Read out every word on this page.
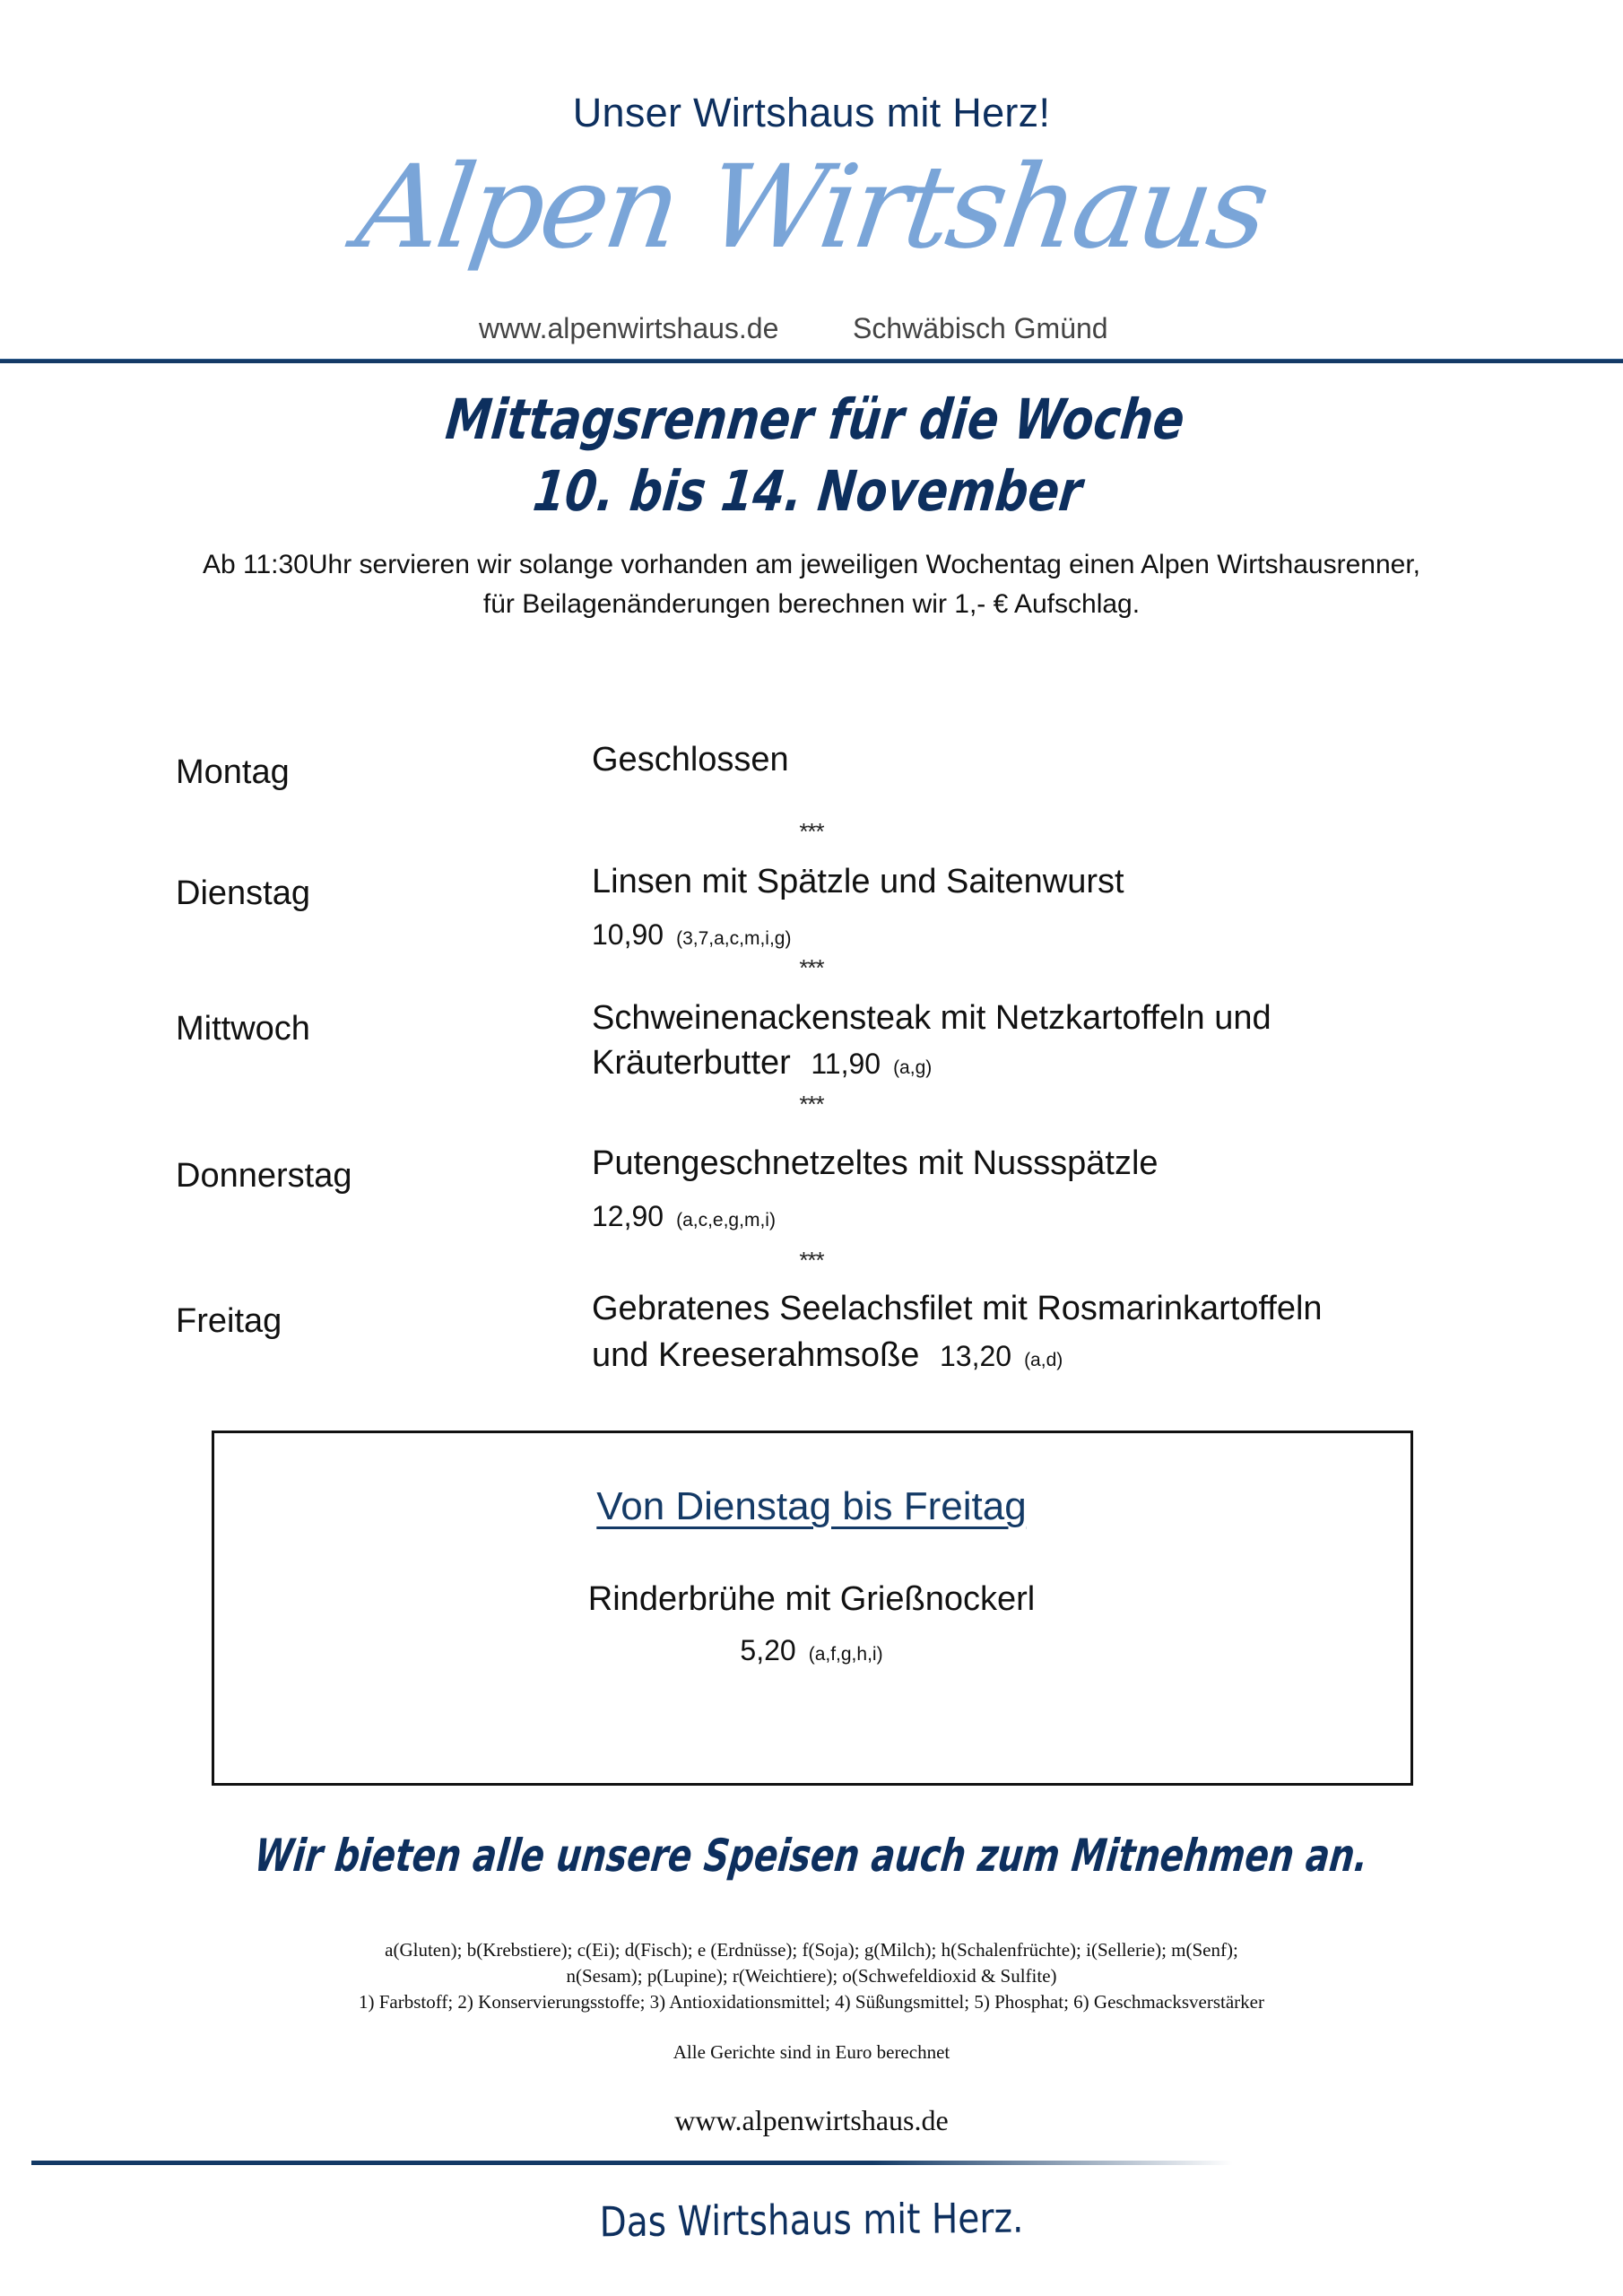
Unser Wirtshaus mit Herz!
Alpen Wirtshaus
www.alpenwirtshaus.de	Schwäbisch Gmünd
Mittagsrenner für die Woche
10. bis 14. November
Ab 11:30Uhr servieren wir solange vorhanden am jeweiligen Wochentag einen Alpen Wirtshausrenner,
für Beilagenänderungen berechnen wir 1,- € Aufschlag.
Montag	Geschlossen
***
Dienstag	Linsen mit Spätzle und Saitenwurst
10,90 (3,7,a,c,m,i,g)
***
Mittwoch	Schweinenackensteak mit Netzkartoffeln und
Kräuterbutter 11,90 (a,g)
***
Donnerstag	Putengeschnetzeltes mit Nussspätzle
12,90 (a,c,e,g,m,i)
***
Freitag	Gebratenes Seelachsfilet mit Rosmarinkartoffeln
und Kreeserahmsoße 13,20 (a,d)
Von Dienstag bis Freitag
Rinderbrühe mit Grießnockerl
5,20 (a,f,g,h,i)
Wir bieten alle unsere Speisen auch zum Mitnehmen an.
a(Gluten); b(Krebstiere); c(Ei); d(Fisch); e (Erdnüsse); f(Soja); g(Milch); h(Schalenfrüchte); i(Sellerie); m(Senf);
n(Sesam); p(Lupine); r(Weichtiere); o(Schwefeldioxid & Sulfite)
1) Farbstoff; 2) Konservierungsstoffe; 3) Antioxidationsmittel; 4) Süßungsmittel; 5) Phosphat; 6) Geschmacksverstärker
Alle Gerichte sind in Euro berechnet
www.alpenwirtshaus.de
Das Wirtshaus mit Herz.
